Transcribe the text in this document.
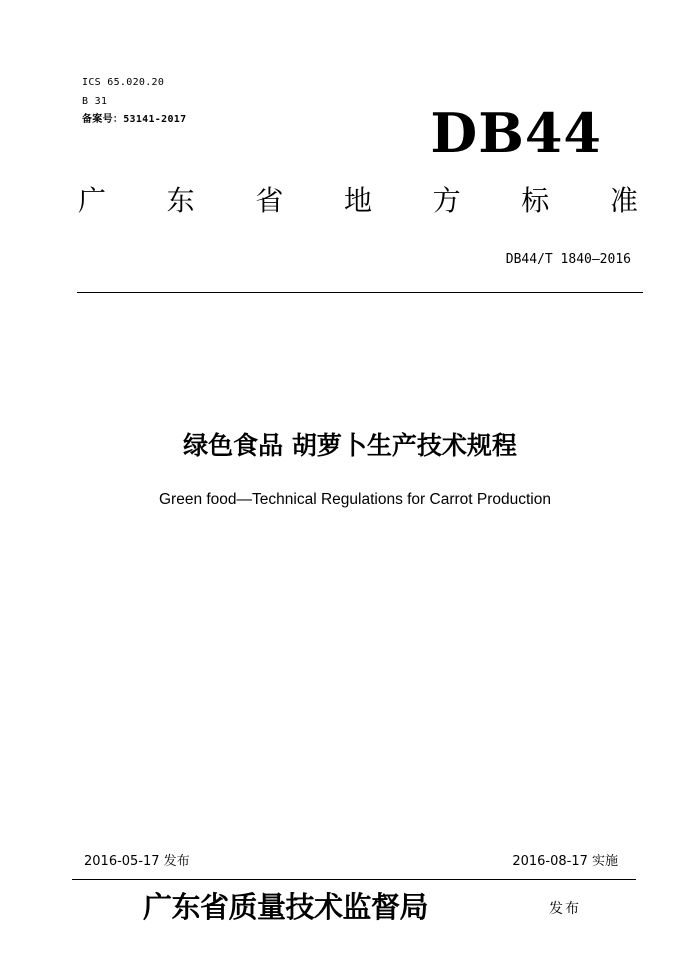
ICS 65.020.20
B 31
备案号：53141-2017	DB44
广 东 省 地 方 标 准
DB44/T 1840—2016
绿色食品 胡萝卜生产技术规程
Green food—Technical Regulations for Carrot Production
2016-05-17 发布	2016-08-17 实施
广东省质量技术监督局	发布
